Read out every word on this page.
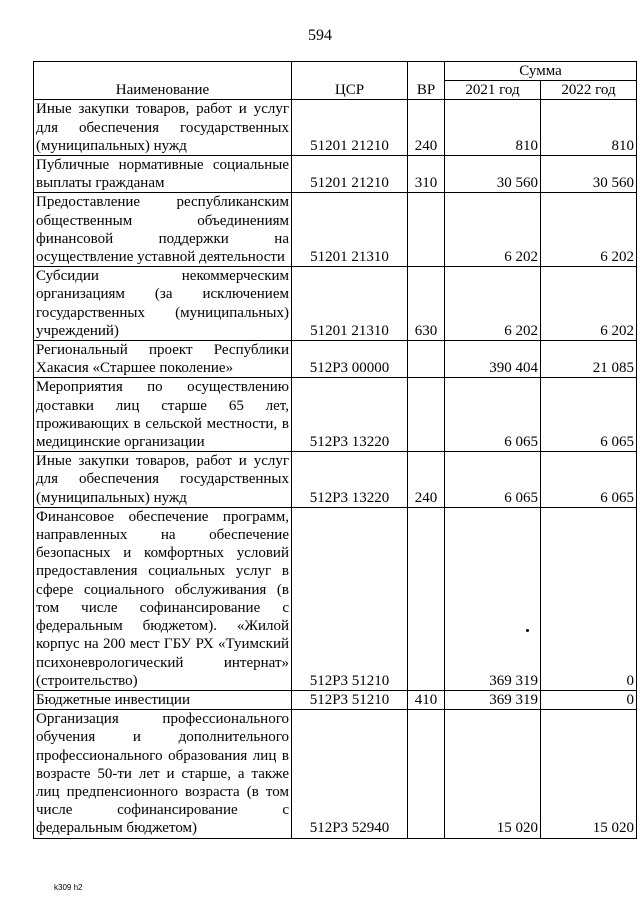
594
Наименование	ЦСР	ВР	Сумма	
			2021 год	2022 год
Иные закупки товаров, работ и услуг для обеспечения государственных (муниципальных) нужд	51201 21210	240	810	810
Публичные нормативные социальные выплаты гражданам	51201 21210	310	30 560	30 560
Предоставление республиканским общественным объединениям финансовой поддержки на осуществление уставной деятельности	51201 21310		6 202	6 202
Субсидии некоммерческим организациям (за исключением государственных (муниципальных) учреждений)	51201 21310	630	6 202	6 202
Региональный проект Республики Хакасия «Старшее поколение»	512Р3 00000		390 404	21 085
Мероприятия по осуществлению доставки лиц старше 65 лет, проживающих в сельской местности, в медицинские организации	512Р3 13220		6 065	6 065
Иные закупки товаров, работ и услуг для обеспечения государственных (муниципальных) нужд	512Р3 13220	240	6 065	6 065
Финансовое обеспечение программ, направленных на обеспечение безопасных и комфортных условий предоставления социальных услуг в сфере социального обслуживания (в том числе софинансирование с федеральным бюджетом). «Жилой корпус на 200 мест ГБУ РХ «Туимский психоневрологический интернат» (строительство)	512Р3 51210		369 319	0
Бюджетные инвестиции	512Р3 51210	410	369 319	0
Организация профессионального обучения и дополнительного профессионального образования лиц в возрасте 50-ти лет и старше, а также лиц предпенсионного возраста (в том числе софинансирование с федеральным бюджетом)	512Р3 52940		15 020	15 020
k309 h2
